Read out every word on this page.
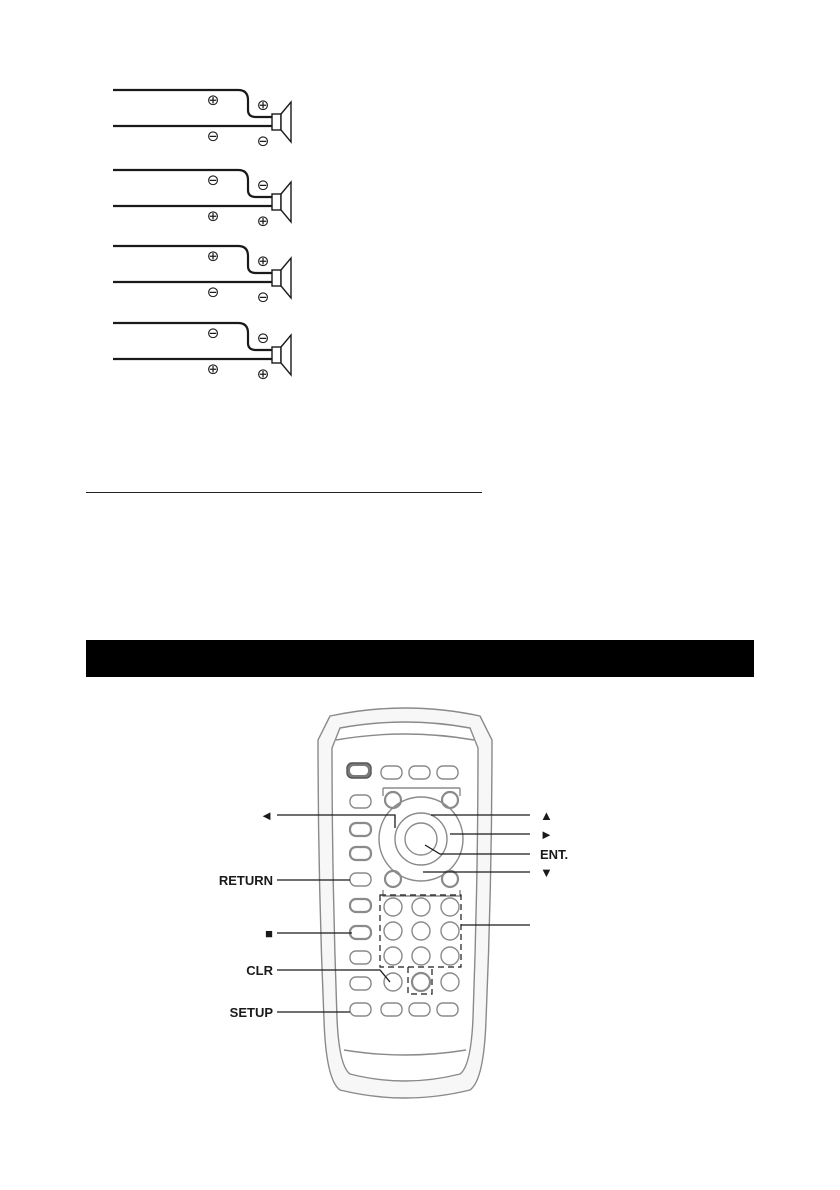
⊕
⊖
⊕
⊖
⊖
⊕
⊖
⊕
⊕
⊖
⊕
⊖
⊖
⊕
⊖
⊕
◄
RETURN
■
CLR
SETUP
▲
►
ENT.
▼
